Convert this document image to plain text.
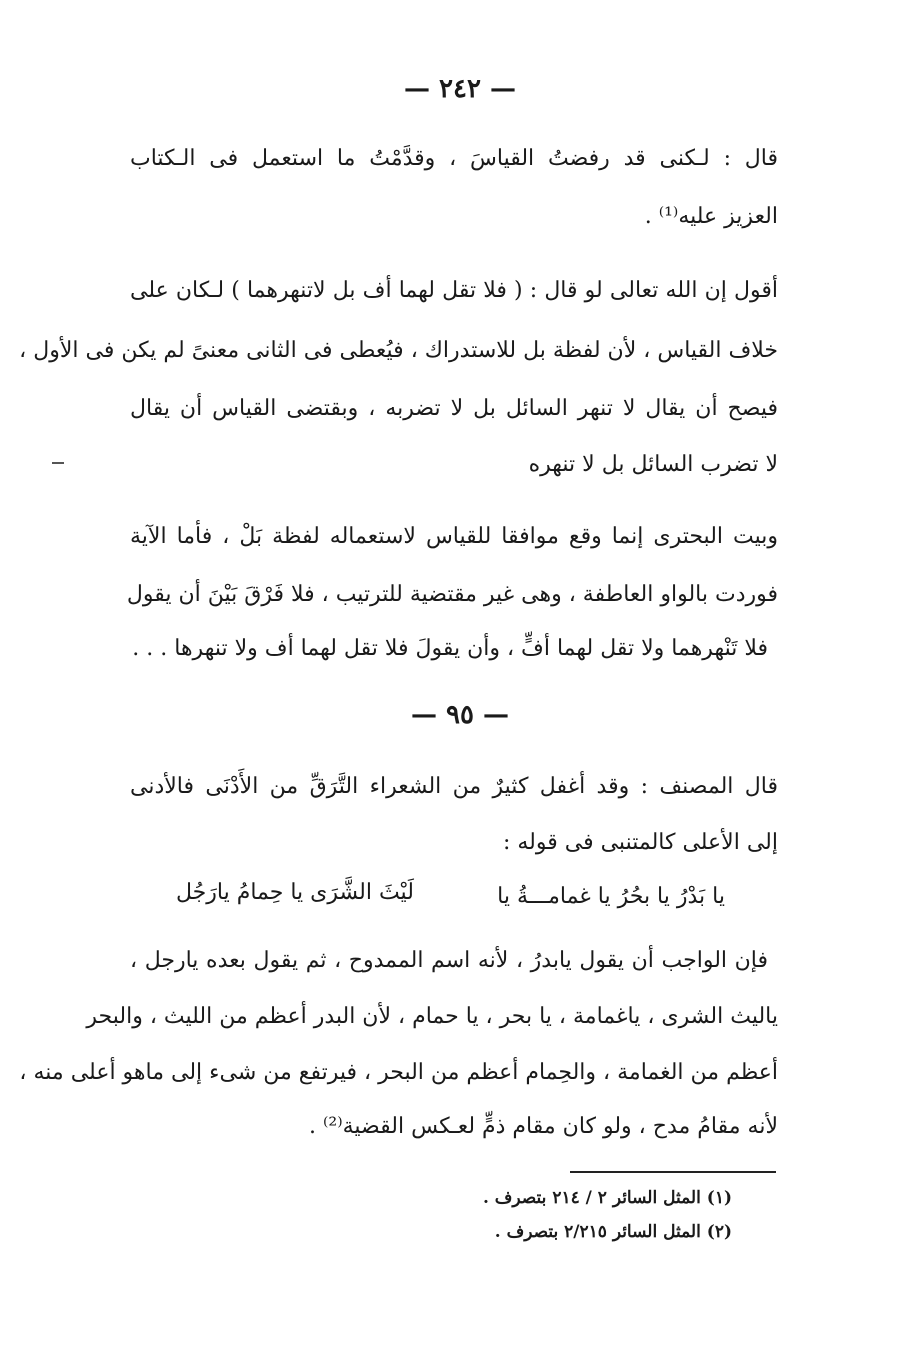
— ٢٤٢ —
قال : لـكنى قد رفضتُ القياسَ ، وقدَّمْتُ ما استعمل فى الـكتاب
العزيز عليه⁽¹⁾ .
أقول إن الله تعالى لو قال : ( فلا تقل لهما أف بل لاتنهرهما ) لـكان على
خلاف القياس ، لأن لفظة بل للاستدراك ، فيُعطى فى الثانى معنىً لم يكن فى الأول ،
فيصح أن يقال لا تنهر السائل بل لا تضربه ، وبقتضى القياس أن يقال
لا تضرب السائل بل لا تنهره
وبيت البحترى إنما وقع موافقا للقياس لاستعماله لفظة بَلْ ، فأما الآية
فوردت بالواو العاطفة ، وهى غير مقتضية للترتيب ، فلا فَرْقَ بَيْنَ أن يقول
فلا تَنْهرهما ولا تقل لهما أفٍّ ، وأن يقولَ فلا تقل لهما أف ولا تنهرها . . .
— ٩٥ —
قال المصنف : وقد أغفل كثيرٌ من الشعراء التَّرَقِّ من الأَدْنَى فالأدنى
إلى الأعلى كالمتنبى فى قوله :
يا بَدْرُ يا بحُرُ يا غمامـــةُ يا
لَيْثَ الشَّرَى يا حِمامُ يارَجُل
فإن الواجب أن يقول يابدرُ ، لأنه اسم الممدوح ، ثم يقول بعده يارجل ،
ياليث الشرى ، ياغمامة ، يا بحر ، يا حمام ، لأن البدر أعظم من الليث ، والبحر
أعظم من الغمامة ، والحِمام أعظم من البحر ، فيرتفع من شىء إلى ماهو أعلى منه ،
لأنه مقامُ مدح ، ولو كان مقام ذمٍّ لعـكس القضية⁽²⁾ .
(١) المثل السائر ٢ / ٢١٤ بتصرف .
(٢) المثل السائر ٢/٢١٥ بتصرف .
